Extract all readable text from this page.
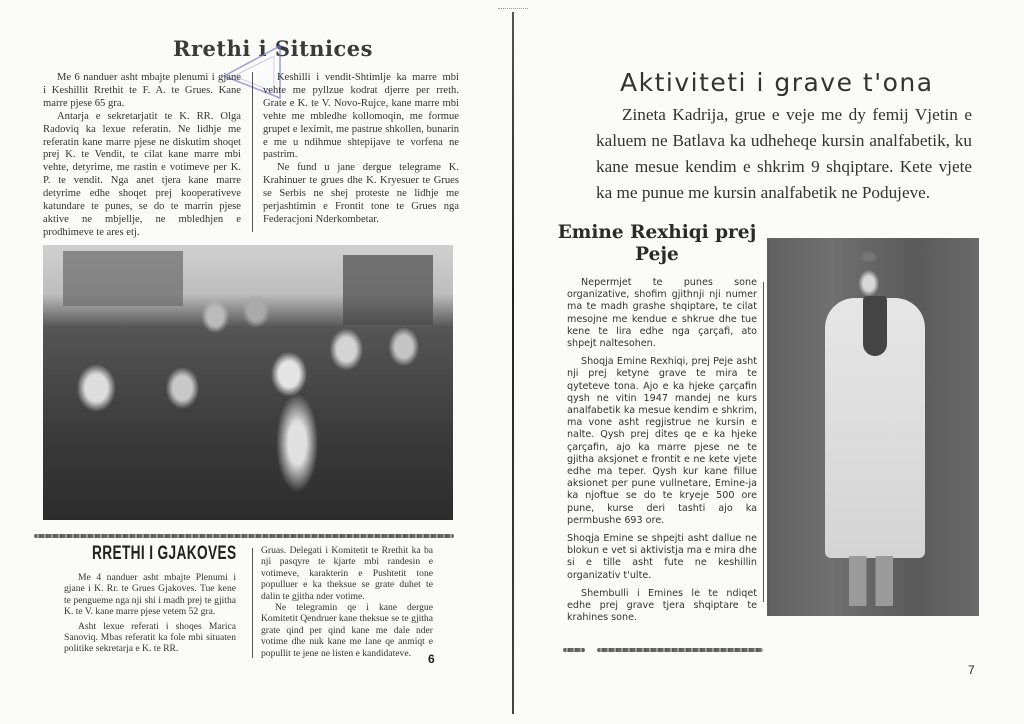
Rrethi i Sitnices

Me 6 nanduer asht mbajte plenumi i gjane i Keshillit Rrethit te F. A. te Grues. Kane marre pjese 65 gra.

Antarja e sekretarjatit te K. RR. Olga Radoviq ka lexue referatin. Ne lidhje me referatin kane marre pjese ne diskutim shoqet prej K. te Vendit, te cilat kane marre mbi vehte, detyrime, me rastin e votimeve per K. P. te vendit. Nga anet tjera kane marre detyrime edhe shoqet prej kooperativeve katundare te punes, se do te marrin pjese aktive ne mbjellje, ne mbledhjen e prodhimeve te ares etj.

Keshilli i vendit-Shtimlje ka marre mbi vehte me pyllzue kodrat djerre per rreth. Grate e K. te V. Novo-Rujce, kane marre mbi vehte me mbledhe kollomoqin, me formue grupet e leximit, me pastrue shkollen, bunarin e me u ndihmue shtepijave te vorfena ne pastrim.

Ne fund u jane dergue telegrame K. Krahinuer te grues dhe K. Kryesuer te Grues se Serbis ne shej protestе ne lidhje me perjashtimin e Frontit tone te Grues nga Federacjoni Nderkombetar.

RRETHI I GJAKOVES

Me 4 nanduer asht mbajte Plenumi i gjane i K. Rr. te Grues Gjakoves. Tue kene te pengueme nga nji shi i madh prej te gjitha K. te V. kane marre pjese vetem 52 gra.

Asht lexue referati i shoqes Marica Sanoviq. Mbas referatit ka fole mbi situaten politike sekretarja e K. te RR.

Gruas. Delegati i Komitetit te Rrethit ka ba nji pasqyre te kjarte mbi randesin e votimeve, karakterin e Pushtetit tone populluer e ka theksue se grate duhet te dalin te gjitha nder votime.

Ne telegramin qe i kane dergue Komitetit Qendruer kane theksue se te gjitha grate qind per qind kane me dale nder votime dhe nuk kane me lane qe anmiqt e popullit te jene ne listen e kandidateve.	6
Aktiviteti i grave t'ona

Zineta Kadrija, grue e veje me dy femij Vjetin e kaluem ne Batlava ka udheheqe kursin analfabetik, ku kane mesue kendim e shkrim 9 shqiptare. Kete vjete ka me punue me kursin analfabetik ne Podujeve.

Emine Rexhiqi prej Peje

Nepermjet te punes sone organizative, shofim gjithnji nji numer ma te madh grashe shqiptare, te cilat mesojne me kendue e shkrue dhe tue kene te lira edhe nga çarçafi, ato shpejt naltesohen.

Shoqja Emine Rexhiqi, prej Peje asht nji prej ketyne grave te mira te qyteteve tona. Ajo e ka hjeke çarçafin qysh ne vitin 1947 mandej ne kurs analfabetik ka mesue kendim e shkrim, ma vone asht regjistrue ne kursin e nalte. Qysh prej dites qe e ka hjeke çarçafin, ajo ka marre pjese ne te gjitha aksjonet e frontit e ne kete vjete edhe ma teper. Qysh kur kane fillue aksionet per pune vullnetare, Emine-ja ka njoftue se do te kryeje 500 ore pune, kurse deri tashti ajo ka permbushe 693 ore.

Shoqja Emine se shpejti asht dallue ne blokun e vet si aktivistja ma e mira dhe si e tille asht fute ne keshillin organizativ t'ulte.

Shembulli i Emines le te ndiqet edhe prej grave tjera shqiptare te krahines sone.

7
